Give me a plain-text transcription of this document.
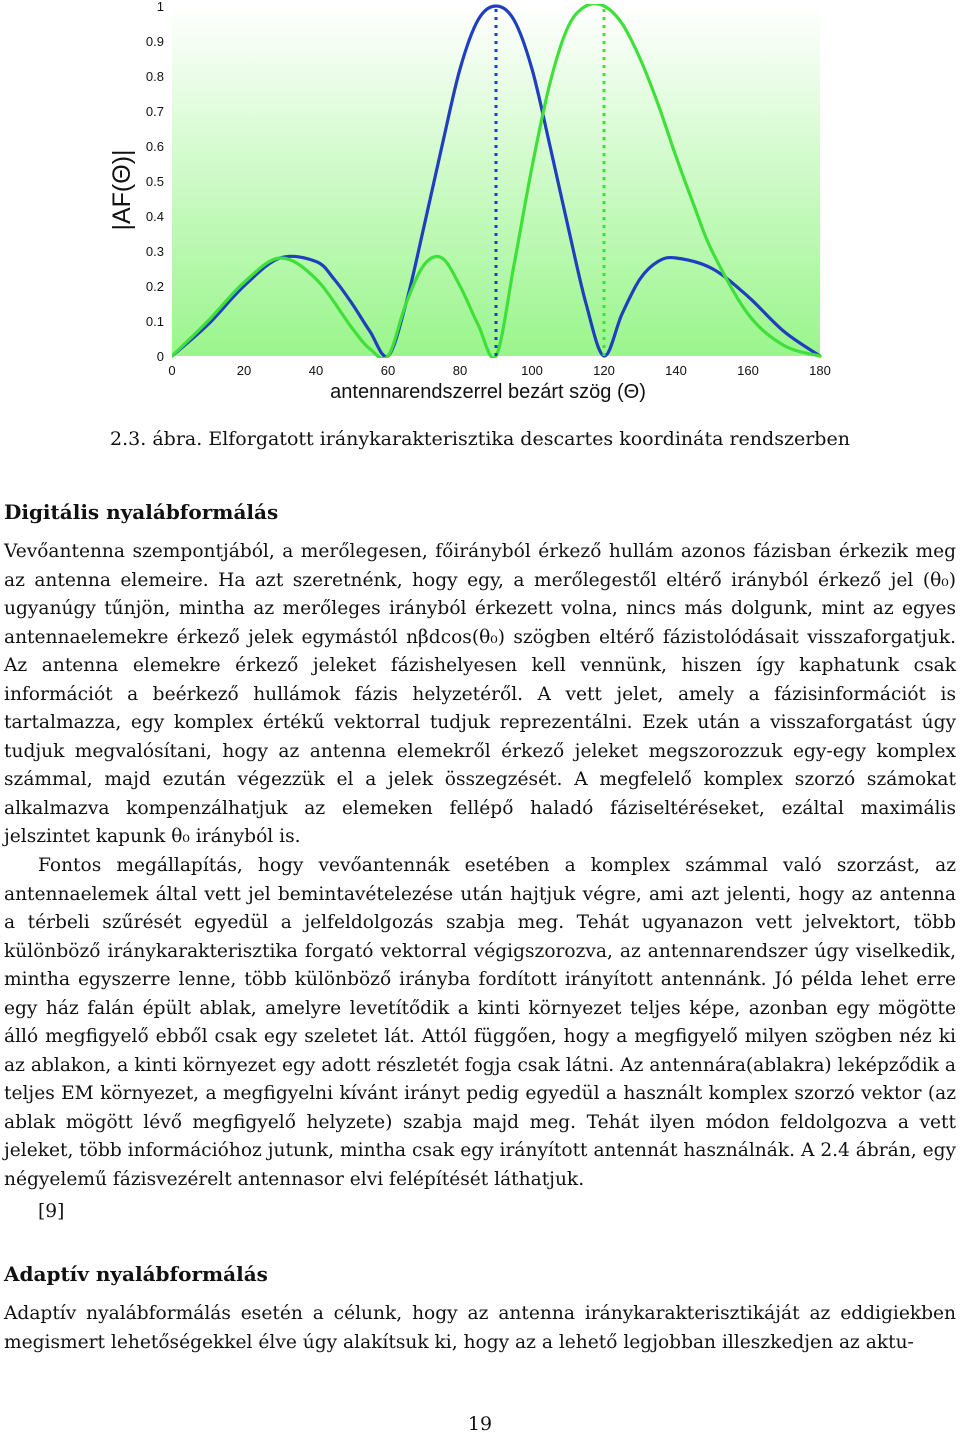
0
0.1
0.2
0.3
0.4
0.5
0.6
0.7
0.8
0.9
1
0	20	40	60	80	100	120	140	160	180
|AF(Θ)|
antennarendszerrel bezárt szög (Θ)
2.3. ábra. Elforgatott iránykarakterisztika descartes koordináta rendszerben
Digitális nyalábformálás

Vevőantenna szempontjából, a merőlegesen, főirányból érkező hullám azonos fázisban érkezik meg az antenna elemeire. Ha azt szeretnénk, hogy egy, a merőlegestől eltérő irányból érkező jel (θ₀) ugyanúgy tűnjön, mintha az merőleges irányból érkezett volna, nincs más dolgunk, mint az egyes antennaelemekre érkező jelek egymástól nβdcos(θ₀) szögben eltérő fázistolódásait visszaforgatjuk. Az antenna elemekre érkező jeleket fázishelyesen kell vennünk, hiszen így kaphatunk csak információt a beérkező hullámok fázis helyzetéről. A vett jelet, amely a fázisinformációt is tartalmazza, egy komplex értékű vektorral tudjuk reprezentálni. Ezek után a visszaforgatást úgy tudjuk megvalósítani, hogy az antenna elemekről érkező jeleket megszorozzuk egy-egy komplex számmal, majd ezután végezzük el a jelek összegzését. A megfelelő komplex szorzó számokat alkalmazva kompenzálhatjuk az elemeken fellépő haladó fáziseltéréseket, ezáltal maximális jelszintet kapunk θ₀ irányból is.

Fontos megállapítás, hogy vevőantennák esetében a komplex számmal való szorzást, az antennaelemek által vett jel bemintavételezése után hajtjuk végre, ami azt jelenti, hogy az antenna a térbeli szűrését egyedül a jelfeldolgozás szabja meg. Tehát ugyanazon vett jelvektort, több különböző iránykarakterisztika forgató vektorral végigszorozva, az antennarendszer úgy viselkedik, mintha egyszerre lenne, több különböző irányba fordított irányított antennánk. Jó példa lehet erre egy ház falán épült ablak, amelyre levetítődik a kinti környezet teljes képe, azonban egy mögötte álló megfigyelő ebből csak egy szeletet lát. Attól függően, hogy a megfigyelő milyen szögben néz ki az ablakon, a kinti környezet egy adott részletét fogja csak látni. Az antennára(ablakra) leképződik a teljes EM környezet, a megfigyelni kívánt irányt pedig egyedül a használt komplex szorzó vektor (az ablak mögött lévő megfigyelő helyzete) szabja majd meg. Tehát ilyen módon feldolgozva a vett jeleket, több információhoz jutunk, mintha csak egy irányított antennát használnák. A 2.4 ábrán, egy négyelemű fázisvezérelt antennasor elvi felépítését láthatjuk.

[9]

Adaptív nyalábformálás

Adaptív nyalábformálás esetén a célunk, hogy az antenna iránykarakterisztikáját az eddigiekben megismert lehetőségekkel élve úgy alakítsuk ki, hogy az a lehető legjobban illeszkedjen az aktu-

19
